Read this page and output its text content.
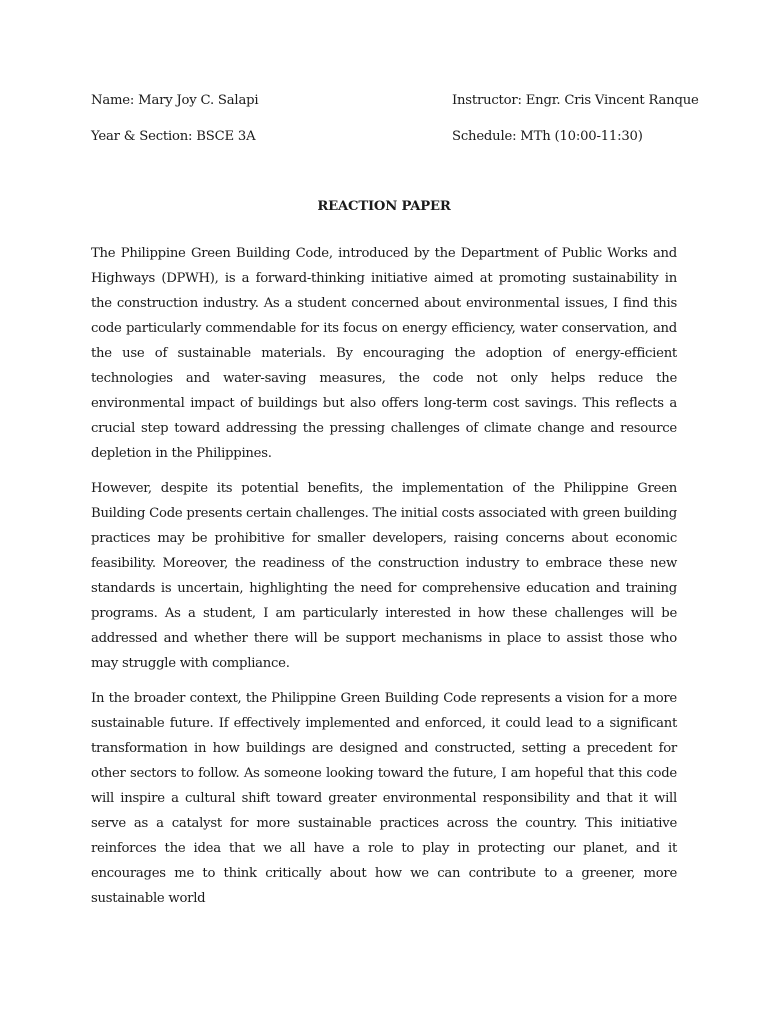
Name: Mary Joy C. Salapi	Instructor: Engr. Cris Vincent Ranque
Year & Section: BSCE 3A	Schedule: MTh (10:00-11:30)
REACTION PAPER

The Philippine Green Building Code, introduced by the Department of Public Works and Highways (DPWH), is a forward-thinking initiative aimed at promoting sustainability in the construction industry. As a student concerned about environmental issues, I find this code particularly commendable for its focus on energy efficiency, water conservation, and the use of sustainable materials. By encouraging the adoption of energy-efficient technologies and water-saving measures, the code not only helps reduce the environmental impact of buildings but also offers long-term cost savings. This reflects a crucial step toward addressing the pressing challenges of climate change and resource depletion in the Philippines.

However, despite its potential benefits, the implementation of the Philippine Green Building Code presents certain challenges. The initial costs associated with green building practices may be prohibitive for smaller developers, raising concerns about economic feasibility. Moreover, the readiness of the construction industry to embrace these new standards is uncertain, highlighting the need for comprehensive education and training programs. As a student, I am particularly interested in how these challenges will be addressed and whether there will be support mechanisms in place to assist those who may struggle with compliance.

In the broader context, the Philippine Green Building Code represents a vision for a more sustainable future. If effectively implemented and enforced, it could lead to a significant transformation in how buildings are designed and constructed, setting a precedent for other sectors to follow. As someone looking toward the future, I am hopeful that this code will inspire a cultural shift toward greater environmental responsibility and that it will serve as a catalyst for more sustainable practices across the country. This initiative reinforces the idea that we all have a role to play in protecting our planet, and it encourages me to think critically about how we can contribute to a greener, more sustainable world
